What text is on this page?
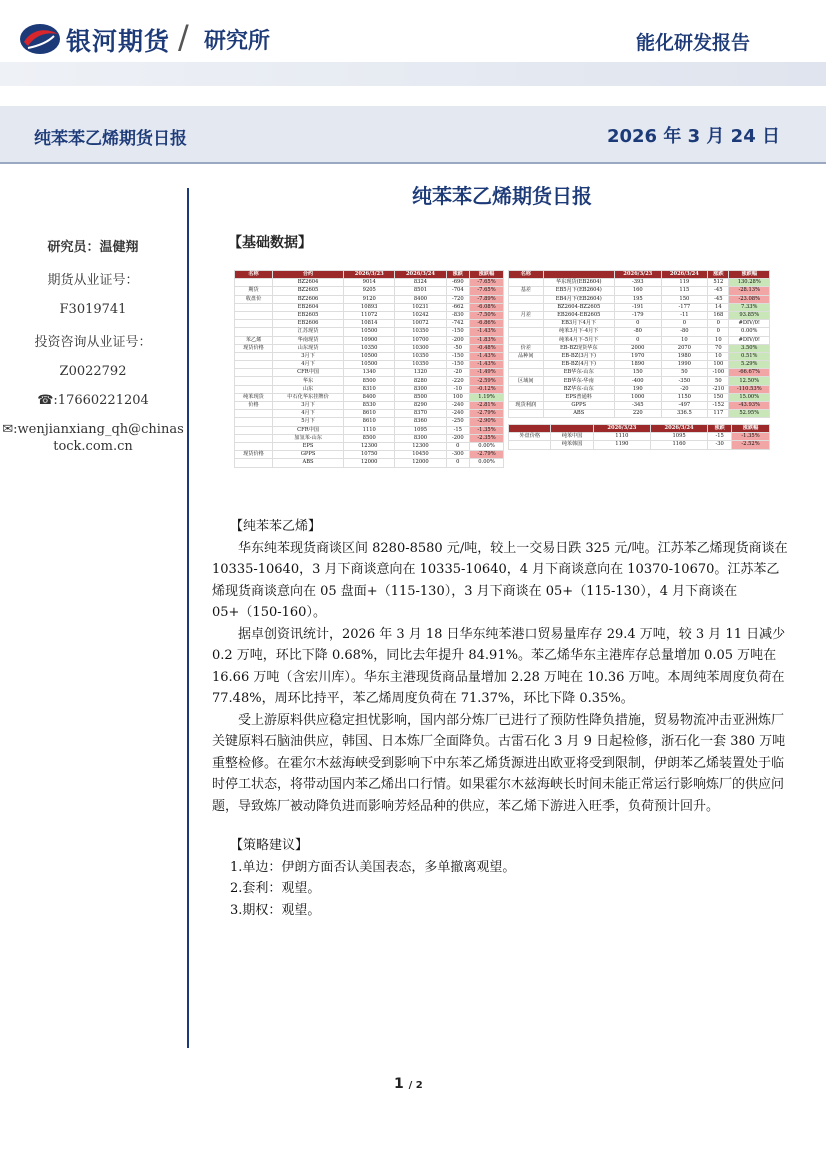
银河期货 / 研究所	能化研发报告
纯苯苯乙烯期货日报	2026 年 3 月 24 日
研究员：温健翔
期货从业证号：
F3019741
投资咨询从业证号：
Z0022792
☎:17660221204
✉:wenjianxiang_qh@chinas
tock.com.cn
纯苯苯乙烯期货日报
【基础数据】
名称	合约	2026/3/23	2026/3/24	涨跌	涨跌幅
	BZ2604	9014	8324	-690	-7.65%
期货	BZ2605	9205	8501	-704	-7.65%
收盘价	BZ2606	9120	8400	-720	-7.89%
	EB2604	10893	10231	-662	-6.08%
	EB2605	11072	10242	-830	-7.50%
	EB2606	10814	10072	-742	-6.86%
	江苏现货	10500	10350	-150	-1.43%
苯乙烯	华南现货	10900	10700	-200	-1.83%
现货价格	山东现货	10350	10300	-50	-0.48%
	3月下	10500	10350	-150	-1.43%
	4月下	10500	10350	-150	-1.43%
	CFR中国	1340	1320	-20	-1.49%
	华东	8500	8280	-220	-2.59%
	山东	8310	8300	-10	-0.12%
纯苯现货	中石化华东挂牌价	8400	8500	100	1.19%
价格	3月下	8530	8290	-240	-2.81%
	4月下	8610	8370	-240	-2.79%
	5月下	8610	8360	-250	-2.90%
	CFR中国	1110	1095	-15	-1.35%
	加氢苯-山东	8500	8300	-200	-2.35%
	EPS	12300	12300	0	0.00%
现货价格	GPPS	10750	10450	-300	-2.79%
	ABS	12000	12000	0	0.00%
名称		2026/3/23	2026/3/24	涨跌	涨跌幅
	华东现货(EB2604)	-393	119	512	130.28%
基差	EB5月下(EB2604)	160	115	-45	-28.13%
	EB4月下(EB2604)	195	150	-45	-23.08%
	BZ2604-BZ2605	-191	-177	14	7.33%
月差	EB2604-EB2605	-179	-11	168	93.85%
	EB3月下4月下	0	0	0	#DIV/0!
	纯苯3月下-4月下	-80	-80	0	0.00%
	纯苯4月下-5月下	0	10	10	#DIV/0!
价差	EB-BZ现货华东	2000	2070	70	3.50%
品种间	EB-BZ(3月下)	1970	1980	10	0.51%
	EB-BZ(4月下)	1890	1990	100	5.29%
	EB华东-山东	150	50	-100	-66.67%
区域间	EB华东-华南	-400	-350	50	12.50%
	BZ华东-山东	190	-20	-210	-110.53%
	EPS普通料	1000	1150	150	15.00%
现货利润	GPPS	-345	-497	-152	-43.93%
	ABS	220	336.5	117	52.95%
		2026/3/23	2026/3/24	涨跌	涨跌幅
外盘价格	纯苯中国	1110	1095	-15	-1.35%
	纯苯韩国	1190	1160	-30	-2.52%
【纯苯苯乙烯】

华东纯苯现货商谈区间 8280-8580 元/吨，较上一交易日跌 325 元/吨。江苏苯乙烯现货商谈在 10335-10640，3 月下商谈意向在 10335-10640，4 月下商谈意向在 10370-10670。江苏苯乙烯现货商谈意向在 05 盘面+（115-130），3 月下商谈在 05+（115-130），4 月下商谈在 05+（150-160）。

据卓创资讯统计，2026 年 3 月 18 日华东纯苯港口贸易量库存 29.4 万吨，较 3 月 11 日减少 0.2 万吨，环比下降 0.68%，同比去年提升 84.91%。苯乙烯华东主港库存总量增加 0.05 万吨在 16.66 万吨（含宏川库）。华东主港现货商品量增加 2.28 万吨在 10.36 万吨。本周纯苯周度负荷在 77.48%，周环比持平，苯乙烯周度负荷在 71.37%，环比下降 0.35%。

受上游原料供应稳定担忧影响，国内部分炼厂已进行了预防性降负措施，贸易物流冲击亚洲炼厂关键原料石脑油供应，韩国、日本炼厂全面降负。古雷石化 3 月 9 日起检修，浙石化一套 380 万吨重整检修。在霍尔木兹海峡受到影响下中东苯乙烯货源进出欧亚将受到限制，伊朗苯乙烯装置处于临时停工状态，将带动国内苯乙烯出口行情。如果霍尔木兹海峡长时间未能正常运行影响炼厂的供应问题，导致炼厂被动降负进而影响芳烃品种的供应，苯乙烯下游进入旺季，负荷预计回升。

【策略建议】
1.单边：伊朗方面否认美国表态，多单撤离观望。
2.套利：观望。
3.期权：观望。
1 / 2
